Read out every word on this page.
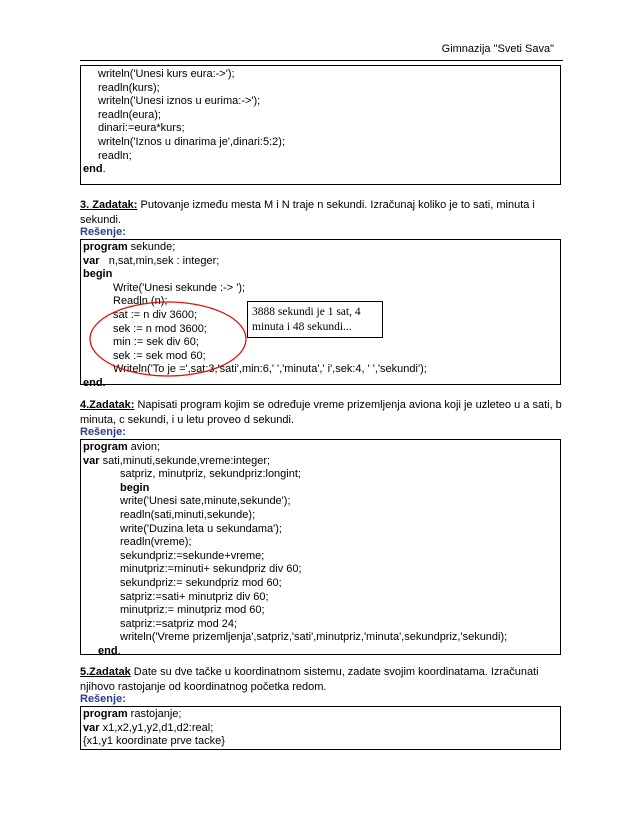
Gimnazija "Sveti Sava"
writeln('Unesi kurs eura:->');
readln(kurs);
writeln('Unesi iznos u eurima:->');
readln(eura);
dinari:=eura*kurs;
writeln('Iznos u dinarima je',dinari:5:2);
readln;
end.
3. Zadatak: Putovanje između mesta M i N traje n sekundi. Izračunaj koliko je to sati, minuta i sekundi.
Rešenje:
program sekunde;
var   n,sat,min,sek : integer;
begin
Write('Unesi sekunde :-> ');
Readln (n);
sat := n div 3600;
sek := n mod 3600;
min := sek div 60;
sek := sek mod 60;
Writeln('To je =',sat:3,'sati',min:6,' ','minuta',' i',sek:4, ' ','sekundi');
end.
3888 sekundi je 1 sat, 4 minuta i 48 sekundi...
4.Zadatak: Napisati program kojim se određuje vreme prizemljenja aviona koji je uzleteo u a sati, b minuta, c sekundi, i u letu proveo d sekundi.
Rešenje:
program avion;
var sati,minuti,sekunde,vreme:integer;
satpriz, minutpriz, sekundpriz:longint;
begin
write('Unesi sate,minute,sekunde');
readln(sati,minuti,sekunde);
write('Duzina leta u sekundama');
readln(vreme);
sekundpriz:=sekunde+vreme;
minutpriz:=minuti+ sekundpriz div 60;
sekundpriz:= sekundpriz mod 60;
satpriz:=sati+ minutpriz div 60;
minutpriz:= minutpriz mod 60;
satpriz:=satpriz mod 24;
writeln('Vreme prizemljenja',satpriz,'sati',minutpriz,'minuta',sekundpriz,'sekundi);
end.
5.Zadatak Date su dve tačke u koordinatnom sistemu, zadate svojim koordinatama. Izračunati njihovo rastojanje od koordinatnog početka redom.
Rešenje:
program rastojanje;
var x1,x2,y1,y2,d1,d2:real;
{x1,y1 koordinate prve tacke}
